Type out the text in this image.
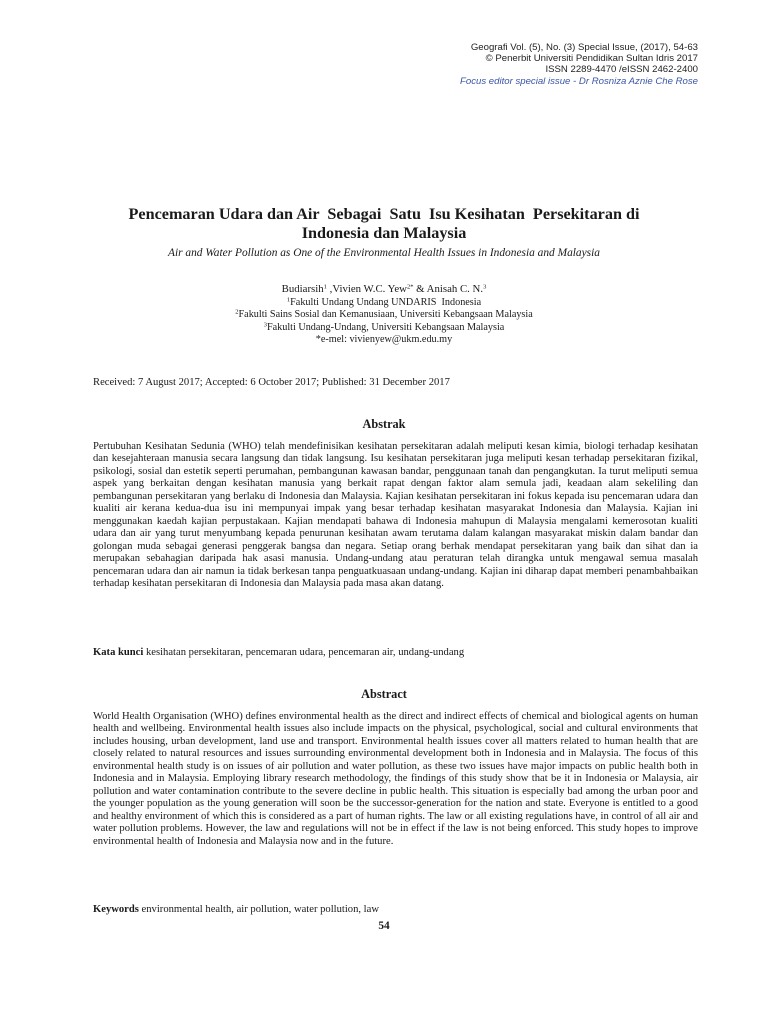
Geografi Vol. (5), No. (3) Special Issue, (2017), 54-63
© Penerbit Universiti Pendidikan Sultan Idris 2017
ISSN 2289-4470 /eISSN 2462-2400
Focus editor special issue - Dr Rosniza Aznie Che Rose
Pencemaran Udara dan Air  Sebagai  Satu  Isu Kesihatan  Persekitaran di
Indonesia dan Malaysia
Air and Water Pollution as One of the Environmental Health Issues in Indonesia and Malaysia
Budiarsih$^1$ ,Vivien W.C. Yew$^{2*}$ & Anisah C. N.$^3$
$^1$Fakulti Undang Undang UNDARIS  Indonesia
$^2$Fakulti Sains Sosial dan Kemanusiaan, Universiti Kebangsaan Malaysia
$^3$Fakulti Undang-Undang, Universiti Kebangsaan Malaysia
*e-mel: vivienyew@ukm.edu.my
Received: 7 August 2017; Accepted: 6 October 2017; Published: 31 December 2017
Abstrak

Pertubuhan Kesihatan Sedunia (WHO) telah mendefinisikan kesihatan persekitaran adalah meliputi kesan kimia, biologi terhadap kesihatan dan kesejahteraan manusia secara langsung dan tidak langsung. Isu kesihatan persekitaran juga meliputi kesan terhadap persekitaran fizikal, psikologi, sosial dan estetik seperti perumahan, pembangunan kawasan bandar, penggunaan tanah dan pengangkutan. Ia turut meliputi semua aspek yang berkaitan dengan kesihatan manusia yang berkait rapat dengan faktor alam semula jadi, keadaan alam sekeliling dan pembangunan persekitaran yang berlaku di Indonesia dan Malaysia. Kajian kesihatan persekitaran ini fokus kepada isu pencemaran udara dan kualiti air kerana kedua-dua isu ini mempunyai impak yang besar terhadap kesihatan masyarakat Indonesia dan Malaysia. Kajian ini menggunakan kaedah kajian perpustakaan. Kajian mendapati bahawa di Indonesia mahupun di Malaysia mengalami kemerosotan kualiti udara dan air yang turut menyumbang kepada penurunan kesihatan awam terutama dalam kalangan masyarakat miskin dalam bandar dan golongan muda sebagai generasi penggerak bangsa dan negara. Setiap orang berhak mendapat persekitaran yang baik dan sihat dan ia merupakan sebahagian daripada hak asasi manusia. Undang-undang atau peraturan telah dirangka untuk mengawal semua masalah pencemaran udara dan air namun ia tidak berkesan tanpa penguatkuasaan undang-undang. Kajian ini diharap dapat memberi penambahbaikan terhadap kesihatan persekitaran di Indonesia dan Malaysia pada masa akan datang.

Kata kunci kesihatan persekitaran, pencemaran udara, pencemaran air, undang-undang
Abstract

World Health Organisation (WHO) defines environmental health as the direct and indirect effects of chemical and biological agents on human health and wellbeing. Environmental health issues also include impacts on the physical, psychological, social and cultural environments that includes housing, urban development, land use and transport. Environmental health issues cover all matters related to human health that are closely related to natural resources and issues surrounding environmental development both in Indonesia and in Malaysia. The focus of this environmental health study is on issues of air pollution and water pollution, as these two issues have major impacts on public health both in Indonesia and in Malaysia. Employing library research methodology, the findings of this study show that be it in Indonesia or Malaysia, air pollution and water contamination contribute to the severe decline in public health. This situation is especially bad among the urban poor and the younger population as the young generation will soon be the successor-generation for the nation and state. Everyone is entitled to a good and healthy environment of which this is considered as a part of human rights. The law or all existing regulations have, in control of all air and water pollution problems. However, the law and regulations will not be in effect if the law is not being enforced. This study hopes to improve environmental health of Indonesia and Malaysia now and in the future.

Keywords environmental health, air pollution, water pollution, law
54
